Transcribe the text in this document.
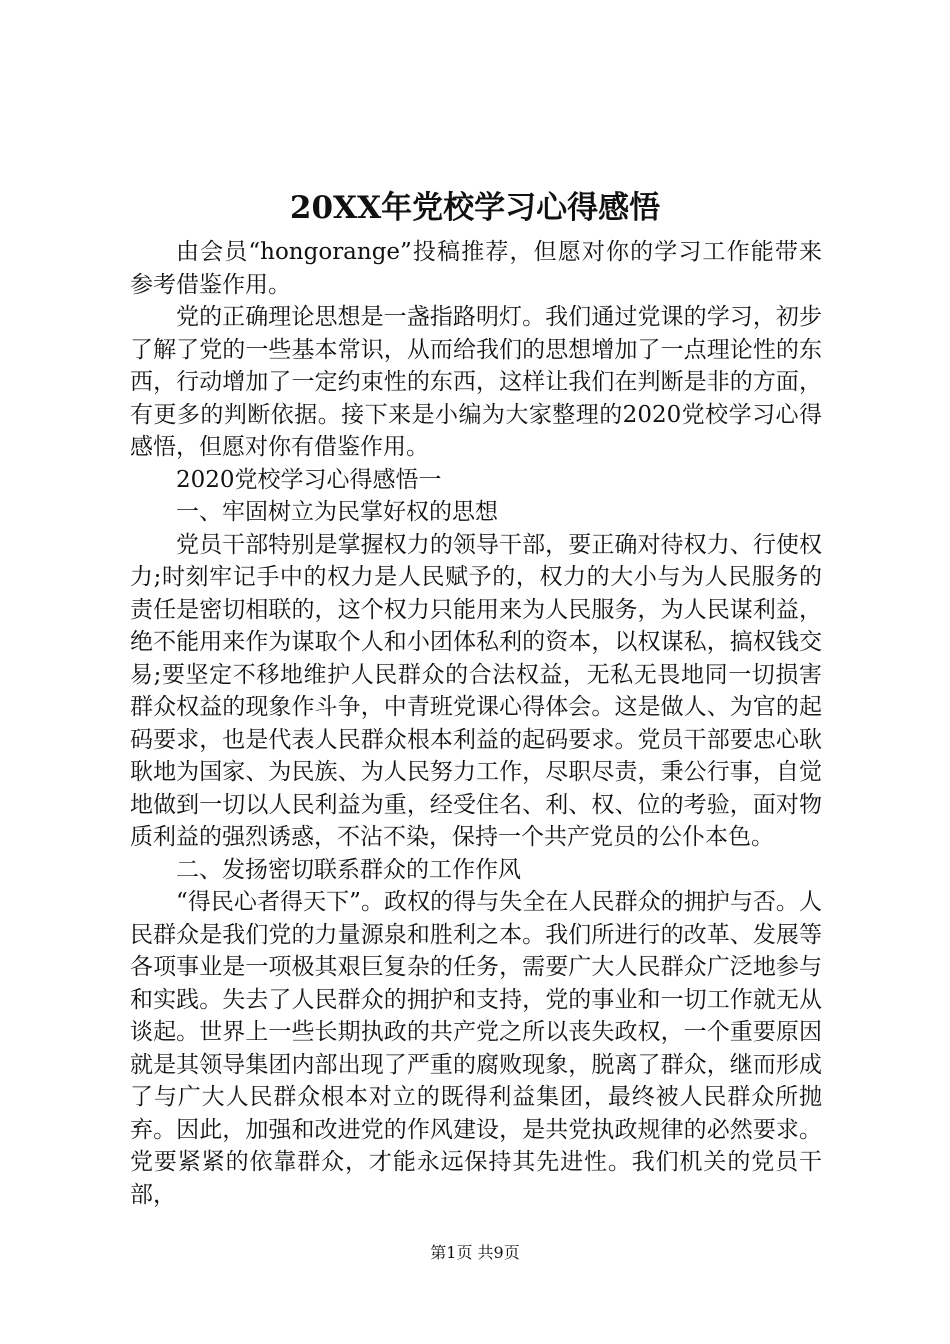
20XX年党校学习心得感悟

由会员“hongorange”投稿推荐，但愿对你的学习工作能带来参考借鉴作用。

党的正确理论思想是一盏指路明灯。我们通过党课的学习，初步了解了党的一些基本常识，从而给我们的思想增加了一点理论性的东西，行动增加了一定约束性的东西，这样让我们在判断是非的方面，有更多的判断依据。接下来是小编为大家整理的2020党校学习心得感悟，但愿对你有借鉴作用。

2020党校学习心得感悟一

一、牢固树立为民掌好权的思想

党员干部特别是掌握权力的领导干部，要正确对待权力、行使权力;时刻牢记手中的权力是人民赋予的，权力的大小与为人民服务的责任是密切相联的，这个权力只能用来为人民服务，为人民谋利益，绝不能用来作为谋取个人和小团体私利的资本，以权谋私，搞权钱交易;要坚定不移地维护人民群众的合法权益，无私无畏地同一切损害群众权益的现象作斗争，中青班党课心得体会。这是做人、为官的起码要求，也是代表人民群众根本利益的起码要求。党员干部要忠心耿耿地为国家、为民族、为人民努力工作，尽职尽责，秉公行事，自觉地做到一切以人民利益为重，经受住名、利、权、位的考验，面对物质利益的强烈诱惑，不沾不染，保持一个共产党员的公仆本色。

二、发扬密切联系群众的工作作风

“得民心者得天下”。政权的得与失全在人民群众的拥护与否。人民群众是我们党的力量源泉和胜利之本。我们所进行的改革、发展等各项事业是一项极其艰巨复杂的任务，需要广大人民群众广泛地参与和实践。失去了人民群众的拥护和支持，党的事业和一切工作就无从谈起。世界上一些长期执政的共产党之所以丧失政权，一个重要原因就是其领导集团内部出现了严重的腐败现象，脱离了群众，继而形成了与广大人民群众根本对立的既得利益集团，最终被人民群众所抛弃。因此，加强和改进党的作风建设，是共党执政规律的必然要求。党要紧紧的依靠群众，才能永远保持其先进性。我们机关的党员干部，

第1页 共9页
